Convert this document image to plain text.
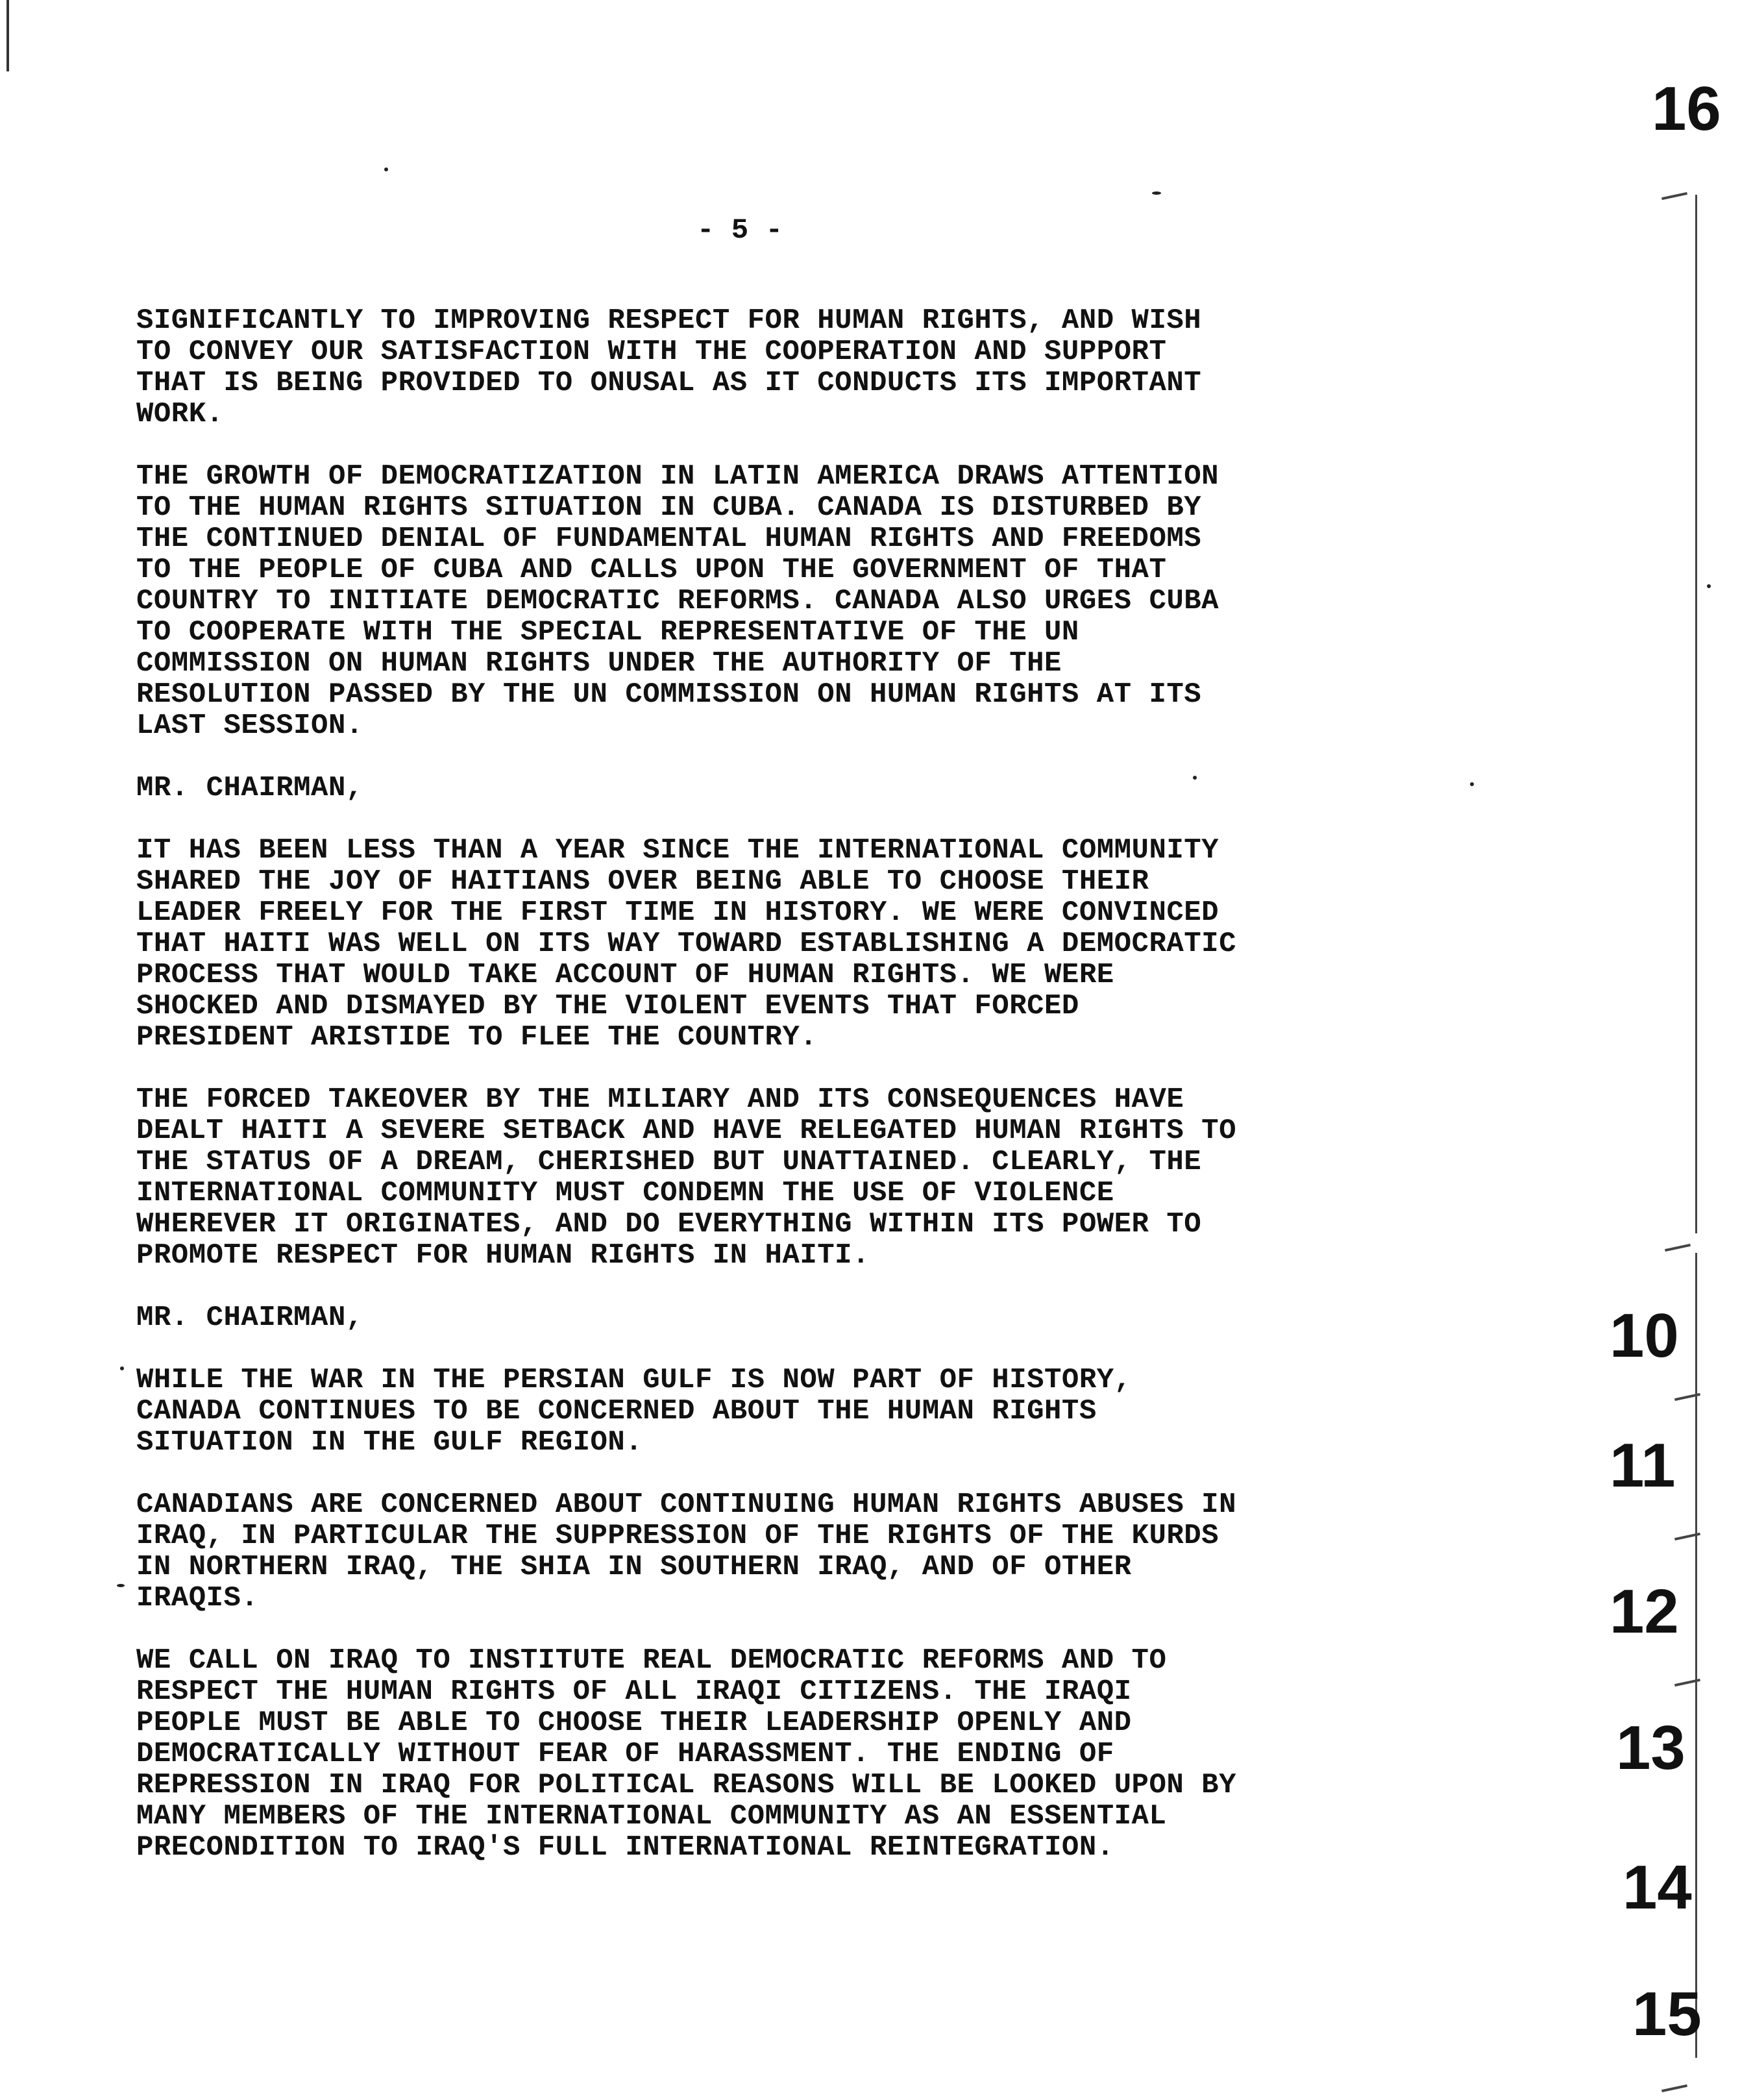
16
10
11
12
13
14
15
- 5 -
SIGNIFICANTLY TO IMPROVING RESPECT FOR HUMAN RIGHTS, AND WISH
TO CONVEY OUR SATISFACTION WITH THE COOPERATION AND SUPPORT
THAT IS BEING PROVIDED TO ONUSAL AS IT CONDUCTS ITS IMPORTANT
WORK.
THE GROWTH OF DEMOCRATIZATION IN LATIN AMERICA DRAWS ATTENTION
TO THE HUMAN RIGHTS SITUATION IN CUBA. CANADA IS DISTURBED BY
THE CONTINUED DENIAL OF FUNDAMENTAL HUMAN RIGHTS AND FREEDOMS
TO THE PEOPLE OF CUBA AND CALLS UPON THE GOVERNMENT OF THAT
COUNTRY TO INITIATE DEMOCRATIC REFORMS. CANADA ALSO URGES CUBA
TO COOPERATE WITH THE SPECIAL REPRESENTATIVE OF THE UN
COMMISSION ON HUMAN RIGHTS UNDER THE AUTHORITY OF THE
RESOLUTION PASSED BY THE UN COMMISSION ON HUMAN RIGHTS AT ITS
LAST SESSION.
MR. CHAIRMAN,
IT HAS BEEN LESS THAN A YEAR SINCE THE INTERNATIONAL COMMUNITY
SHARED THE JOY OF HAITIANS OVER BEING ABLE TO CHOOSE THEIR
LEADER FREELY FOR THE FIRST TIME IN HISTORY. WE WERE CONVINCED
THAT HAITI WAS WELL ON ITS WAY TOWARD ESTABLISHING A DEMOCRATIC
PROCESS THAT WOULD TAKE ACCOUNT OF HUMAN RIGHTS. WE WERE
SHOCKED AND DISMAYED BY THE VIOLENT EVENTS THAT FORCED
PRESIDENT ARISTIDE TO FLEE THE COUNTRY.
THE FORCED TAKEOVER BY THE MILIARY AND ITS CONSEQUENCES HAVE
DEALT HAITI A SEVERE SETBACK AND HAVE RELEGATED HUMAN RIGHTS TO
THE STATUS OF A DREAM, CHERISHED BUT UNATTAINED. CLEARLY, THE
INTERNATIONAL COMMUNITY MUST CONDEMN THE USE OF VIOLENCE
WHEREVER IT ORIGINATES, AND DO EVERYTHING WITHIN ITS POWER TO
PROMOTE RESPECT FOR HUMAN RIGHTS IN HAITI.
MR. CHAIRMAN,
WHILE THE WAR IN THE PERSIAN GULF IS NOW PART OF HISTORY,
CANADA CONTINUES TO BE CONCERNED ABOUT THE HUMAN RIGHTS
SITUATION IN THE GULF REGION.
CANADIANS ARE CONCERNED ABOUT CONTINUING HUMAN RIGHTS ABUSES IN
IRAQ, IN PARTICULAR THE SUPPRESSION OF THE RIGHTS OF THE KURDS
IN NORTHERN IRAQ, THE SHIA IN SOUTHERN IRAQ, AND OF OTHER
IRAQIS.
WE CALL ON IRAQ TO INSTITUTE REAL DEMOCRATIC REFORMS AND TO
RESPECT THE HUMAN RIGHTS OF ALL IRAQI CITIZENS. THE IRAQI
PEOPLE MUST BE ABLE TO CHOOSE THEIR LEADERSHIP OPENLY AND
DEMOCRATICALLY WITHOUT FEAR OF HARASSMENT. THE ENDING OF
REPRESSION IN IRAQ FOR POLITICAL REASONS WILL BE LOOKED UPON BY
MANY MEMBERS OF THE INTERNATIONAL COMMUNITY AS AN ESSENTIAL
PRECONDITION TO IRAQ'S FULL INTERNATIONAL REINTEGRATION.
